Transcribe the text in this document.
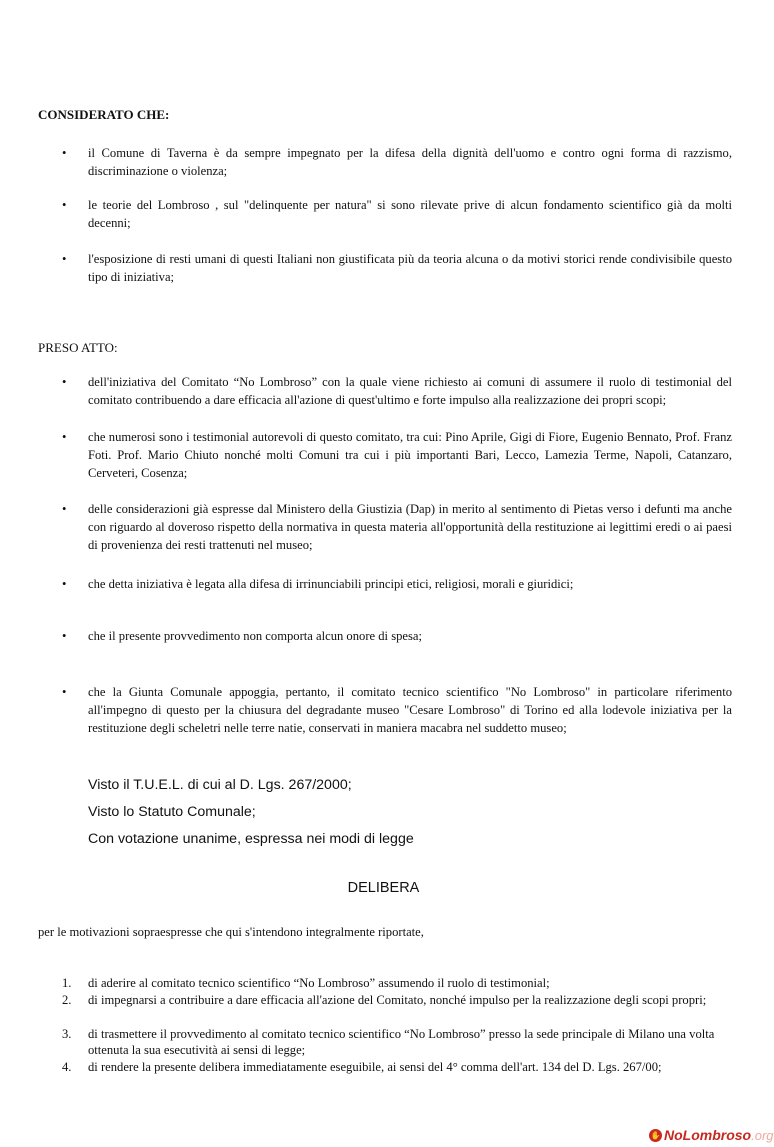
CONSIDERATO CHE:
•	il Comune di Taverna è da sempre impegnato per la difesa della dignità dell'uomo e contro ogni forma di razzismo, discriminazione o violenza;
•	le teorie del Lombroso , sul "delinquente per natura" si sono rilevate prive di alcun fondamento scientifico già da molti decenni;
•	l'esposizione di resti umani di questi Italiani non giustificata più da teoria alcuna o da motivi storici rende condivisibile questo tipo di iniziativa;
PRESO ATTO:
•	dell'iniziativa del Comitato “No Lombroso” con la quale viene richiesto ai comuni di assumere il ruolo di testimonial del comitato contribuendo a dare efficacia all'azione di quest'ultimo e forte impulso alla realizzazione dei propri scopi;
•	che numerosi sono i testimonial autorevoli di questo comitato, tra cui: Pino Aprile, Gigi di Fiore, Eugenio Bennato, Prof. Franz Foti. Prof. Mario Chiuto nonché molti Comuni tra cui i più importanti Bari, Lecco, Lamezia Terme, Napoli, Catanzaro, Cerveteri, Cosenza;
•	delle considerazioni già espresse dal Ministero della Giustizia (Dap) in merito al sentimento di Pietas verso i defunti ma anche con riguardo al doveroso rispetto della normativa in questa materia all'opportunità della restituzione ai legittimi eredi o ai paesi di provenienza dei resti trattenuti nel museo;
•	che detta iniziativa è legata alla difesa di irrinunciabili principi etici, religiosi, morali e giuridici;
•	che il presente provvedimento non comporta alcun onore di spesa;
•	che la Giunta Comunale appoggia, pertanto, il comitato tecnico scientifico "No Lombroso" in particolare riferimento all'impegno di questo per la chiusura del degradante museo "Cesare Lombroso" di Torino ed alla lodevole iniziativa per la restituzione degli scheletri nelle terre natie, conservati in maniera macabra nel suddetto museo;
Visto il T.U.E.L. di cui al D. Lgs. 267/2000;
Visto lo Statuto Comunale;
Con votazione unanime, espressa nei modi di legge
DELIBERA
per le motivazioni sopraespresse che qui s'intendono integralmente riportate,
1.	di aderire al comitato tecnico scientifico “No Lombroso” assumendo il ruolo di testimonial;
2.	di impegnarsi a contribuire a dare efficacia all'azione del Comitato, nonché impulso per la realizzazione degli scopi propri;
3.	di trasmettere il provvedimento al comitato tecnico scientifico “No Lombroso” presso la sede principale di Milano una volta ottenuta la sua esecutività ai sensi di legge;
4.	di rendere la presente delibera immediatamente eseguibile, ai sensi del 4° comma dell'art. 134 del D. Lgs. 267/00;
✋ NoLombroso .org
